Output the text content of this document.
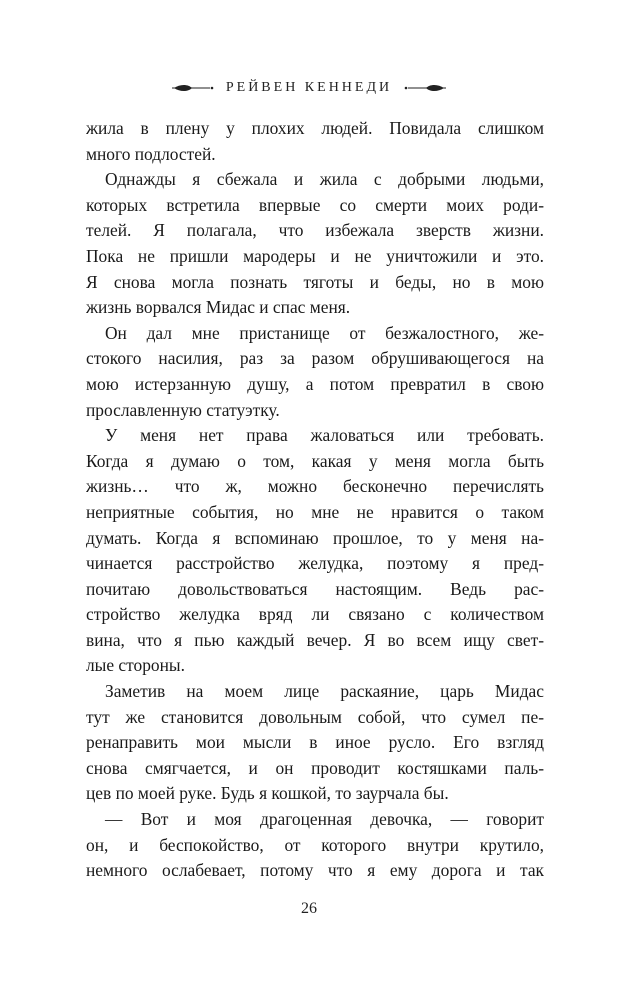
РЕЙВЕН КЕННЕДИ
жила в плену у плохих людей. Повидала слишком
много подлостей.
Однажды я сбежала и жила с добрыми людьми,
которых встретила впервые со смерти моих роди-
телей. Я полагала, что избежала зверств жизни.
Пока не пришли мародеры и не уничтожили и это.
Я снова могла познать тяготы и беды, но в мою
жизнь ворвался Мидас и спас меня.
Он дал мне пристанище от безжалостного, же-
стокого насилия, раз за разом обрушивающегося на
мою истерзанную душу, а потом превратил в свою
прославленную статуэтку.
У меня нет права жаловаться или требовать.
Когда я думаю о том, какая у меня могла быть
жизнь… что ж, можно бесконечно перечислять
неприятные события, но мне не нравится о таком
думать. Когда я вспоминаю прошлое, то у меня на-
чинается расстройство желудка, поэтому я пред-
почитаю довольствоваться настоящим. Ведь рас-
стройство желудка вряд ли связано с количеством
вина, что я пью каждый вечер. Я во всем ищу свет-
лые стороны.
Заметив на моем лице раскаяние, царь Мидас
тут же становится довольным собой, что сумел пе-
ренаправить мои мысли в иное русло. Его взгляд
снова смягчается, и он проводит костяшками паль-
цев по моей руке. Будь я кошкой, то заурчала бы.
— Вот и моя драгоценная девочка, — говорит
он, и беспокойство, от которого внутри крутило,
немного ослабевает, потому что я ему дорога и так
26
